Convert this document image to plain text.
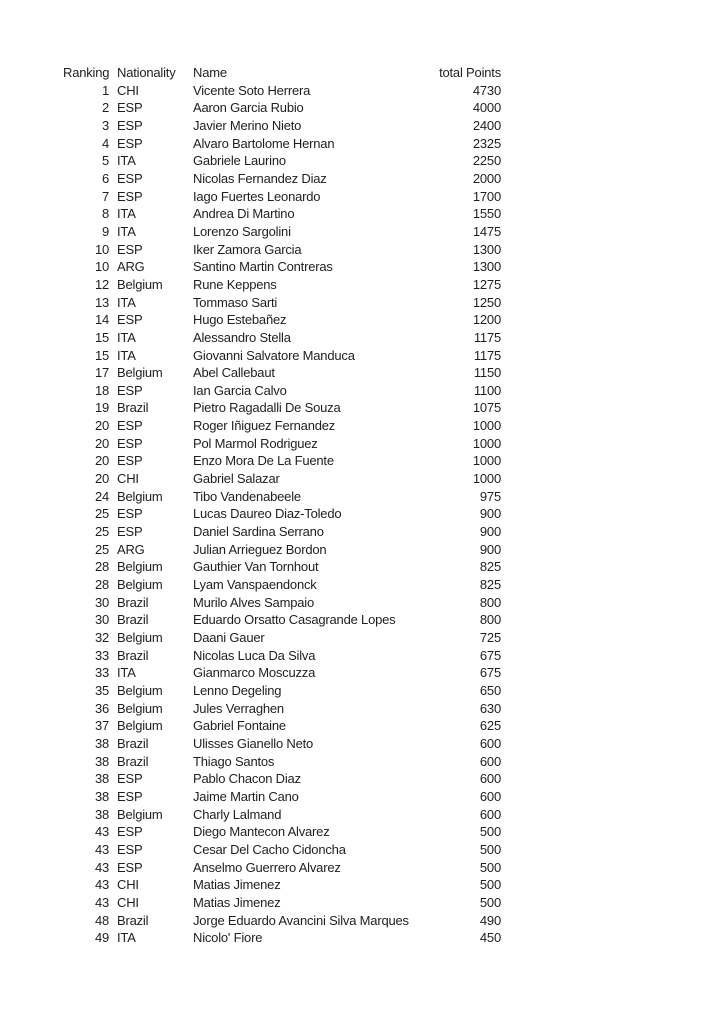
Ranking Nationality	Name	total Points
1 CHI	Vicente Soto Herrera	4730
2 ESP	Aaron Garcia Rubio	4000
3 ESP	Javier Merino Nieto	2400
4 ESP	Alvaro Bartolome Hernan	2325
5 ITA	Gabriele Laurino	2250
6 ESP	Nicolas Fernandez Diaz	2000
7 ESP	Iago Fuertes Leonardo	1700
8 ITA	Andrea Di Martino	1550
9 ITA	Lorenzo Sargolini	1475
10 ESP	Iker Zamora Garcia	1300
10 ARG	Santino Martin Contreras	1300
12 Belgium	Rune Keppens	1275
13 ITA	Tommaso Sarti	1250
14 ESP	Hugo Estebañez	1200
15 ITA	Alessandro Stella	1175
15 ITA	Giovanni Salvatore Manduca	1175
17 Belgium	Abel Callebaut	1150
18 ESP	Ian Garcia Calvo	1100
19 Brazil	Pietro Ragadalli De Souza	1075
20 ESP	Roger Iñiguez Fernandez	1000
20 ESP	Pol Marmol Rodriguez	1000
20 ESP	Enzo Mora De La Fuente	1000
20 CHI	Gabriel Salazar	1000
24 Belgium	Tibo Vandenabeele	975
25 ESP	Lucas Daureo Diaz-Toledo	900
25 ESP	Daniel Sardina Serrano	900
25 ARG	Julian Arrieguez Bordon	900
28 Belgium	Gauthier Van Tornhout	825
28 Belgium	Lyam Vanspaendonck	825
30 Brazil	Murilo Alves Sampaio	800
30 Brazil	Eduardo Orsatto Casagrande Lopes	800
32 Belgium	Daani Gauer	725
33 Brazil	Nicolas Luca Da Silva	675
33 ITA	Gianmarco Moscuzza	675
35 Belgium	Lenno Degeling	650
36 Belgium	Jules Verraghen	630
37 Belgium	Gabriel Fontaine	625
38 Brazil	Ulisses Gianello Neto	600
38 Brazil	Thiago Santos	600
38 ESP	Pablo Chacon Diaz	600
38 ESP	Jaime Martin Cano	600
38 Belgium	Charly Lalmand	600
43 ESP	Diego Mantecon Alvarez	500
43 ESP	Cesar Del Cacho Cidoncha	500
43 ESP	Anselmo Guerrero Alvarez	500
43 CHI	Matias Jimenez	500
43 CHI	Matias Jimenez	500
48 Brazil	Jorge Eduardo Avancini Silva Marques	490
49 ITA	Nicolo' Fiore	450
